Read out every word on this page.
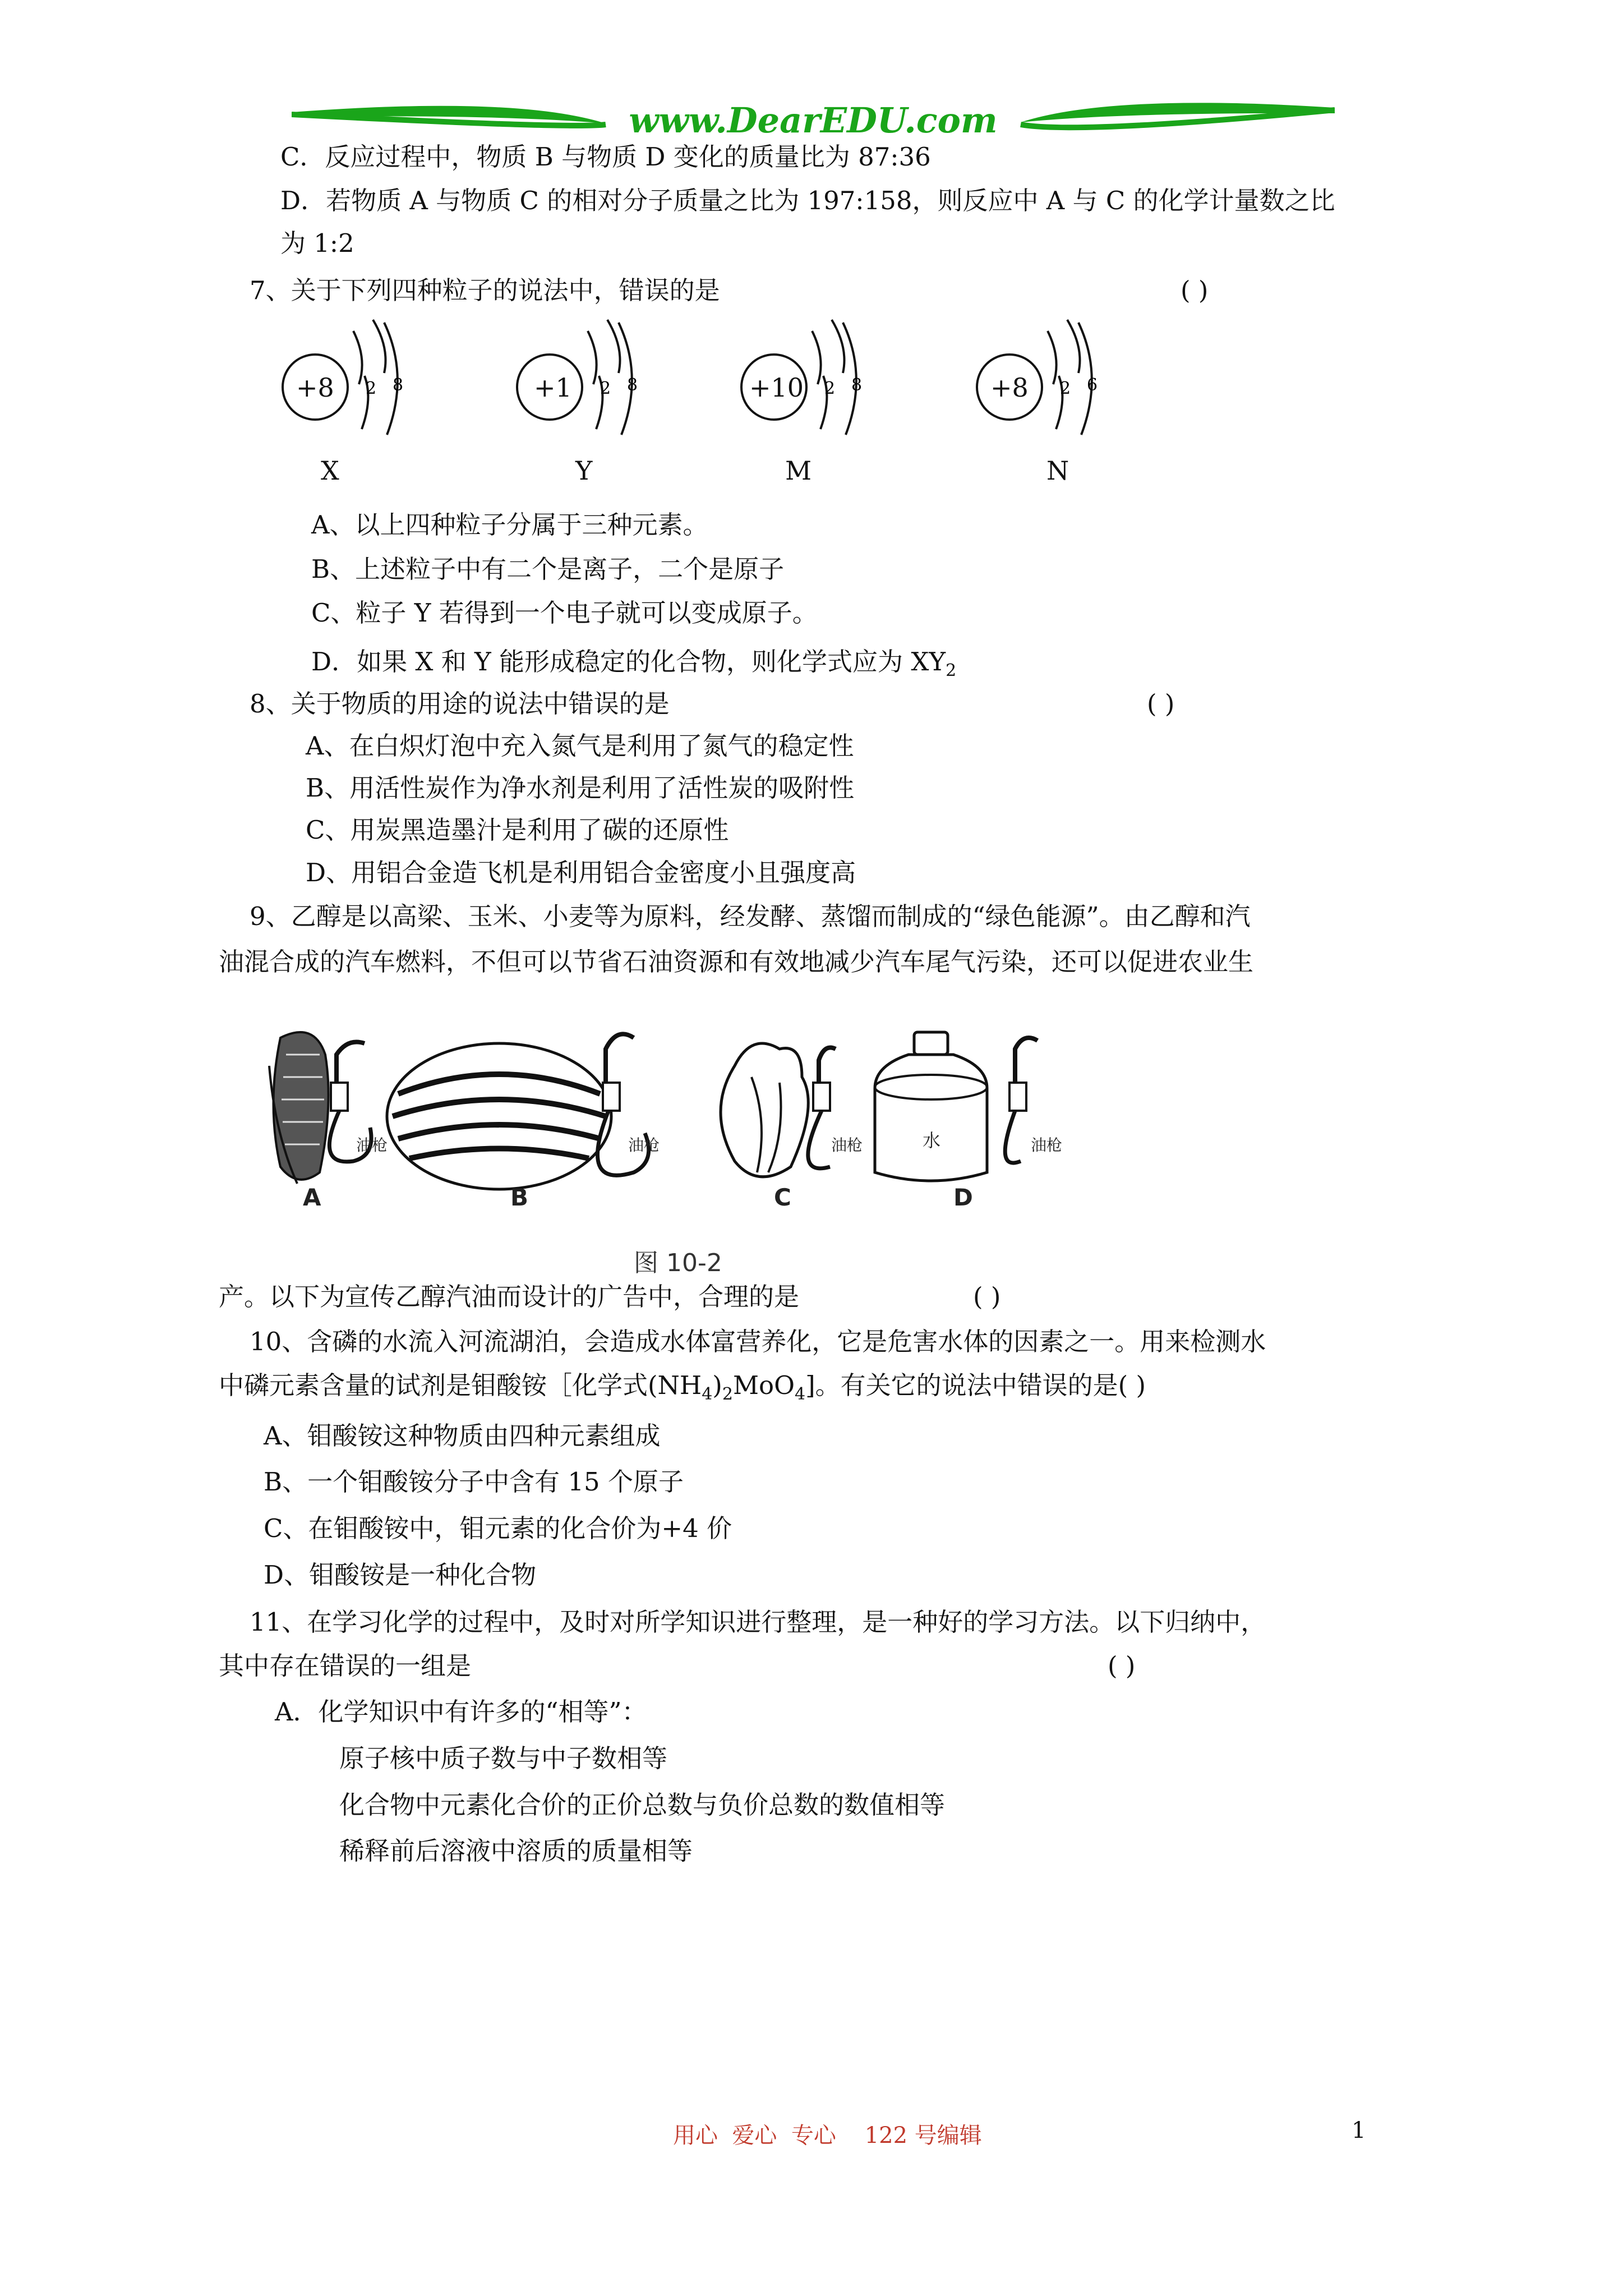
www.DearEDU.com
C．反应过程中，物质 B 与物质 D 变化的质量比为 87:36
D．若物质 A 与物质 C 的相对分子质量之比为 197:158，则反应中 A 与 C 的化学计量数之比
为 1:2
7、关于下列四种粒子的说法中，错误的是	( )
2 8
+8
X
2 8
+1
Y
2 8
+10
M
2 6
+8
N
A、以上四种粒子分属于三种元素。
B、上述粒子中有二个是离子，二个是原子
C、粒子 Y 若得到一个电子就可以变成原子。
D．如果 X 和 Y 能形成稳定的化合物，则化学式应为 $XY_2$
8、关于物质的用途的说法中错误的是	( )
A、在白炽灯泡中充入氮气是利用了氮气的稳定性
B、用活性炭作为净水剂是利用了活性炭的吸附性
C、用炭黑造墨汁是利用了碳的还原性
D、用铝合金造飞机是利用铝合金密度小且强度高
9、乙醇是以高梁、玉米、小麦等为原料，经发酵、蒸馏而制成的“绿色能源”。由乙醇和汽
油混合成的汽车燃料，不但可以节省石油资源和有效地减少汽车尾气污染，还可以促进农业生
油枪	油枪	油枪	油枪
水
A	B	C	D
图 10-2
产。以下为宣传乙醇汽油而设计的广告中，合理的是	( )
10、含磷的水流入河流湖泊，会造成水体富营养化，它是危害水体的因素之一。用来检测水
中磷元素含量的试剂是钼酸铵［化学式$(NH_4)_2MoO_4$]。有关它的说法中错误的是( )
A、钼酸铵这种物质由四种元素组成
B、一个钼酸铵分子中含有 15 个原子
C、在钼酸铵中，钼元素的化合价为+4 价
D、钼酸铵是一种化合物
11、在学习化学的过程中，及时对所学知识进行整理，是一种好的学习方法。以下归纳中，
其中存在错误的一组是	( )
A．化学知识中有许多的“相等”：
原子核中质子数与中子数相等
化合物中元素化合价的正价总数与负价总数的数值相等
稀释前后溶液中溶质的质量相等
用心  爱心  专心    122 号编辑	1
